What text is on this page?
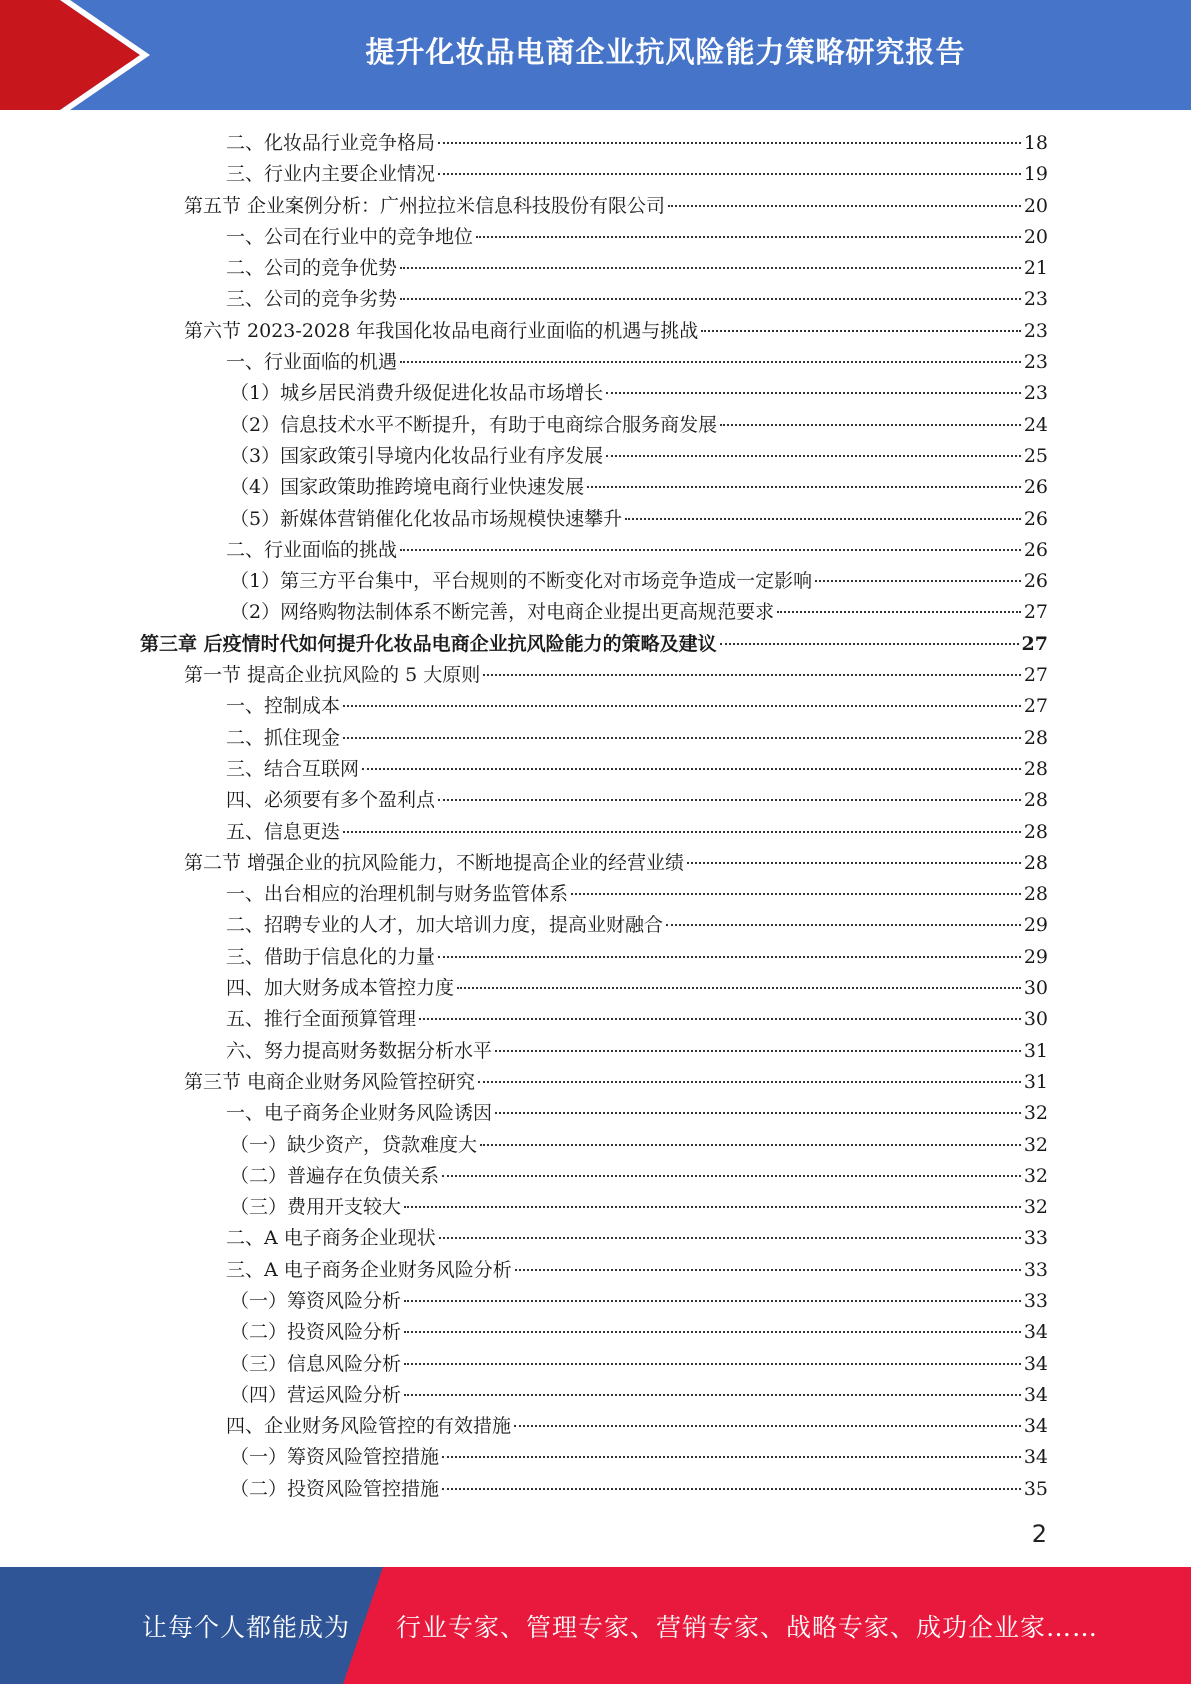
提升化妆品电商企业抗风险能力策略研究报告
二、化妆品行业竞争格局	18
三、行业内主要企业情况	19
第五节 企业案例分析：广州拉拉米信息科技股份有限公司	20
一、公司在行业中的竞争地位	20
二、公司的竞争优势	21
三、公司的竞争劣势	23
第六节 2023-2028 年我国化妆品电商行业面临的机遇与挑战	23
一、行业面临的机遇	23
（1）城乡居民消费升级促进化妆品市场增长	23
（2）信息技术水平不断提升，有助于电商综合服务商发展	24
（3）国家政策引导境内化妆品行业有序发展	25
（4）国家政策助推跨境电商行业快速发展	26
（5）新媒体营销催化化妆品市场规模快速攀升	26
二、行业面临的挑战	26
（1）第三方平台集中，平台规则的不断变化对市场竞争造成一定影响	26
（2）网络购物法制体系不断完善，对电商企业提出更高规范要求	27
第三章 后疫情时代如何提升化妆品电商企业抗风险能力的策略及建议	27
第一节 提高企业抗风险的 5 大原则	27
一、控制成本	27
二、抓住现金	28
三、结合互联网	28
四、必须要有多个盈利点	28
五、信息更迭	28
第二节 增强企业的抗风险能力，不断地提高企业的经营业绩	28
一、出台相应的治理机制与财务监管体系	28
二、招聘专业的人才，加大培训力度，提高业财融合	29
三、借助于信息化的力量	29
四、加大财务成本管控力度	30
五、推行全面预算管理	30
六、努力提高财务数据分析水平	31
第三节 电商企业财务风险管控研究	31
一、电子商务企业财务风险诱因	32
（一）缺少资产，贷款难度大	32
（二）普遍存在负债关系	32
（三）费用开支较大	32
二、A 电子商务企业现状	33
三、A 电子商务企业财务风险分析	33
（一）筹资风险分析	33
（二）投资风险分析	34
（三）信息风险分析	34
（四）营运风险分析	34
四、企业财务风险管控的有效措施	34
（一）筹资风险管控措施	34
（二）投资风险管控措施	35
2
让每个人都能成为 行业专家、管理专家、营销专家、战略专家、成功企业家……
